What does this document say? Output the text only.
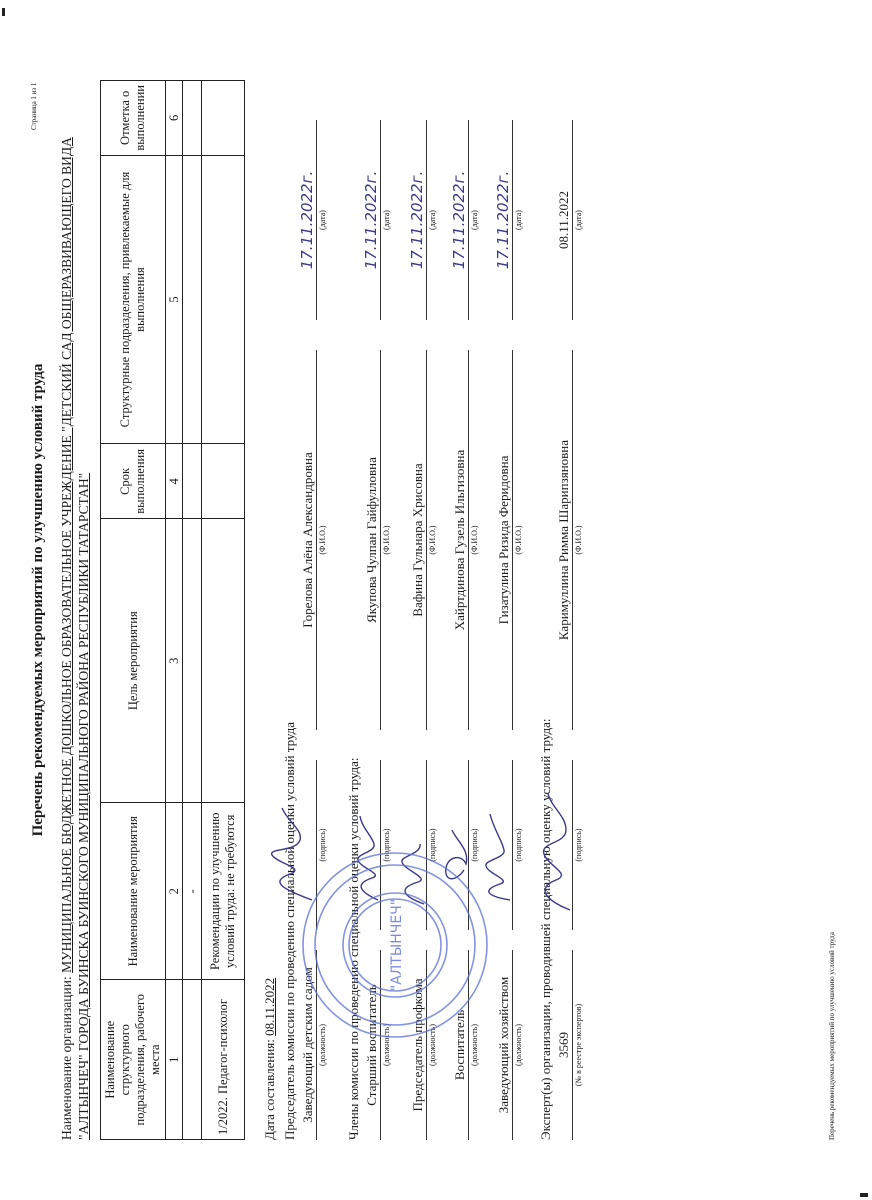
Перечень рекомендуемых мероприятий по улучшению условий труда
Наименование организации: МУНИЦИПАЛЬНОЕ БЮДЖЕТНОЕ ДОШКОЛЬНОЕ ОБРАЗОВАТЕЛЬНОЕ УЧРЕЖДЕНИЕ "ДЕТСКИЙ САД ОБЩЕРАЗВИВАЮЩЕГО ВИДА "АЛТЫНЧЕЧ" ГОРОДА БУИНСКА БУИНСКОГО МУНИЦИПАЛЬНОГО РАЙОНА РЕСПУБЛИКИ ТАТАРСТАН" Наименование структурного подразделения, рабочего места	Наименование мероприятия	Цель мероприятия	Срок выполнения	Структурные подразделения, привлекаемые для выполнения	Отметка о выполнении
1	2	3	4	5	6
	-				
1/2022. Педагог-психолог	Рекомендации по улучшению условий труда: не требуются				
Дата составления: 08.11.2022 Председатель комиссии по проведению специальной оценки условий труда	Члены комиссии по проведению специальной оценки условий труда:	Эксперт(ы) организации, проводившей специальную оценку условий труда:
Заведующий детским садом (должность)
(подпись)
Горелова Алёна Александровна (Ф.И.О.)
17.11.2022г. (дата)
Старший воспитатель (должность)
(подпись)
Якупова Чулпан Гайфулловна (Ф.И.О.)
17.11.2022г. (дата)
Председатель профкома (должность)
(подпись)
Вафина Гульнара Хрисовна (Ф.И.О.)
17.11.2022г. (дата)
Воспитатель (должность)
(подпись)
Хайртдинова Гузель Ильгизовна (Ф.И.О.)
17.11.2022г. (дата)
Заведующий хозяйством (должность)
(подпись)
Гизатулина Ризида Феридовна (Ф.И.О.)
17.11.2022г. (дата)
3569 (№ в реестре экспертов)
(подпись)
Каримуллина Римма Шарипзяновна (Ф.И.О.)
08.11.2022 (дата)
"АЛТЫНЧЕЧ"	Перечень рекомендуемых мероприятий по улучшению условий труда
Страница 1 из 1
